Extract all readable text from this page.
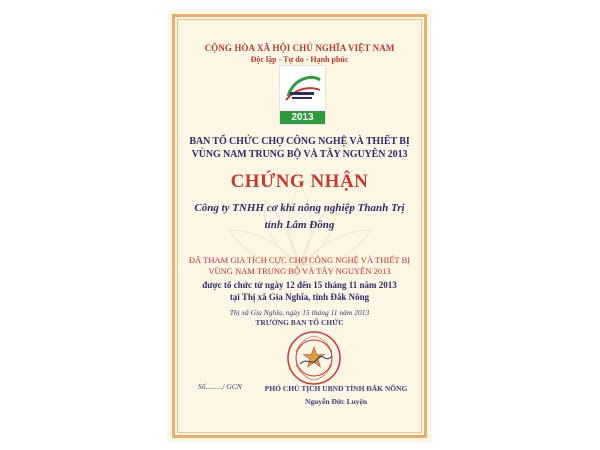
CỘNG HÒA XÃ HỘI CHỦ NGHĨA VIỆT NAM
Độc lập - Tự do - Hạnh phúc
2013
BAN TỔ CHỨC CHỢ CÔNG NGHỆ VÀ THIẾT BỊ
VÙNG NAM TRUNG BỘ VÀ TÂY NGUYÊN 2013
CHỨNG NHẬN
Công ty TNHH cơ khí nông nghiệp Thanh Trị
tỉnh Lâm Đồng
ĐÃ THAM GIA TÍCH CỰC CHỢ CÔNG NGHỆ VÀ THIẾT BỊ
VÙNG NAM TRUNG BỘ VÀ TÂY NGUYÊN 2013
được tổ chức từ ngày 12 đến 15 tháng 11 năm 2013
tại Thị xã Gia Nghĩa, tỉnh Đắk Nông
Thị xã Gia Nghĩa, ngày 15 tháng 11 năm 2013
TRƯỞNG BAN TỔ CHỨC
Số........./ GCN	PHÓ CHỦ TỊCH UBND TỈNH ĐẮK NÔNG
Nguyễn Đức Luyện
